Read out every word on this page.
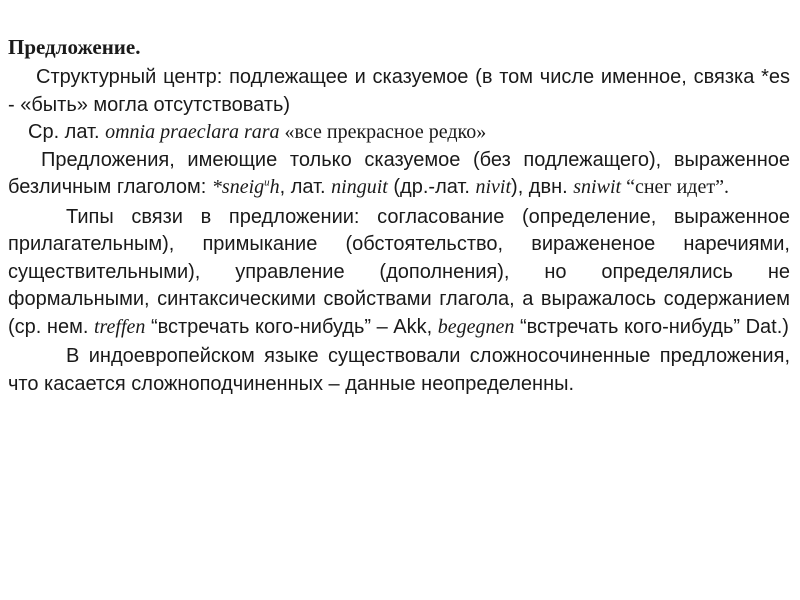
Предложение.

Структурный центр: подлежащее и сказуемое (в том числе именное, связка *es - «быть» могла отсутствовать)

Ср. лат. omnia praeclara rara «все прекрасное редко»

Предложения, имеющие только сказуемое (без подлежащего), выраженное безличным глаголом: *sneig$^u$h, лат. ninguit (др.-лат. nivit), двн. sniwit “снег идет”.

Типы связи в предложении: согласование (определение, выраженное прилагательным), примыкание (обстоятельство, виражененое наречиями, существительными), управление (дополнения), но определялись не формальными, синтаксическими свойствами глагола, а выражалось содержанием (ср. нем. treffen “встречать кого-нибудь” – Akk, begegnen “встречать кого-нибудь” Dat.)

В индоевропейском языке существовали сложносочиненные предложения, что касается сложноподчиненных – данные неопределенны.
